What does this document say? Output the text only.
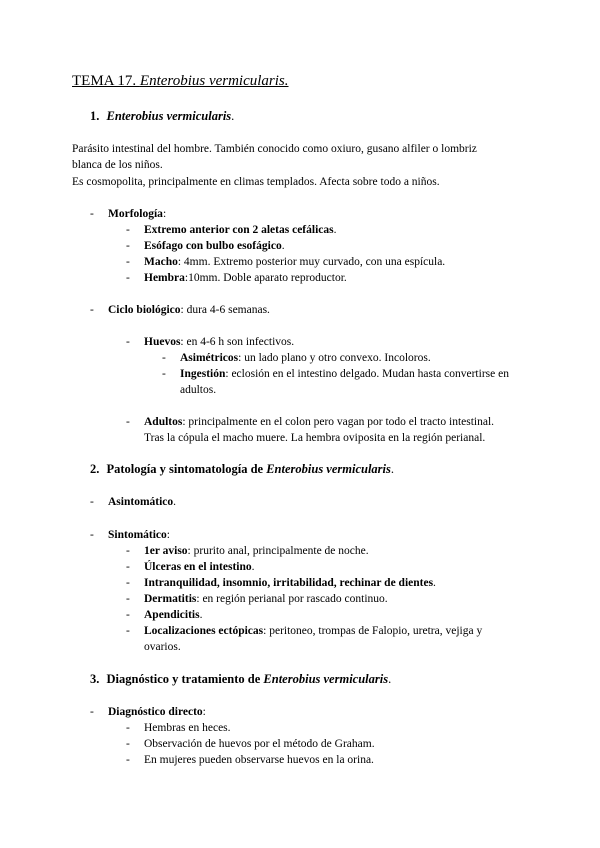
TEMA 17. Enterobius vermicularis.
1. Enterobius vermicularis.
Parásito intestinal del hombre. También conocido como oxiuro, gusano alfiler o lombriz
blanca de los niños.
Es cosmopolita, principalmente en climas templados. Afecta sobre todo a niños.
- Morfología:
- Extremo anterior con 2 aletas cefálicas.
- Esófago con bulbo esofágico.
- Macho: 4mm. Extremo posterior muy curvado, con una espícula.
- Hembra:10mm. Doble aparato reproductor.
- Ciclo biológico: dura 4-6 semanas.
- Huevos: en 4-6 h son infectivos.
- Asimétricos: un lado plano y otro convexo. Incoloros.
- Ingestión: eclosión en el intestino delgado. Mudan hasta convertirse en
adultos.
- Adultos: principalmente en el colon pero vagan por todo el tracto intestinal.
Tras la cópula el macho muere. La hembra oviposita en la región perianal.
2. Patología y sintomatología de Enterobius vermicularis.
- Asintomático.
- Sintomático:
- 1er aviso: prurito anal, principalmente de noche.
- Úlceras en el intestino.
- Intranquilidad, insomnio, irritabilidad, rechinar de dientes.
- Dermatitis: en región perianal por rascado continuo.
- Apendicitis.
- Localizaciones ectópicas: peritoneo, trompas de Falopio, uretra, vejiga y
ovarios.
3. Diagnóstico y tratamiento de Enterobius vermicularis.
- Diagnóstico directo:
- Hembras en heces.
- Observación de huevos por el método de Graham.
- En mujeres pueden observarse huevos en la orina.
